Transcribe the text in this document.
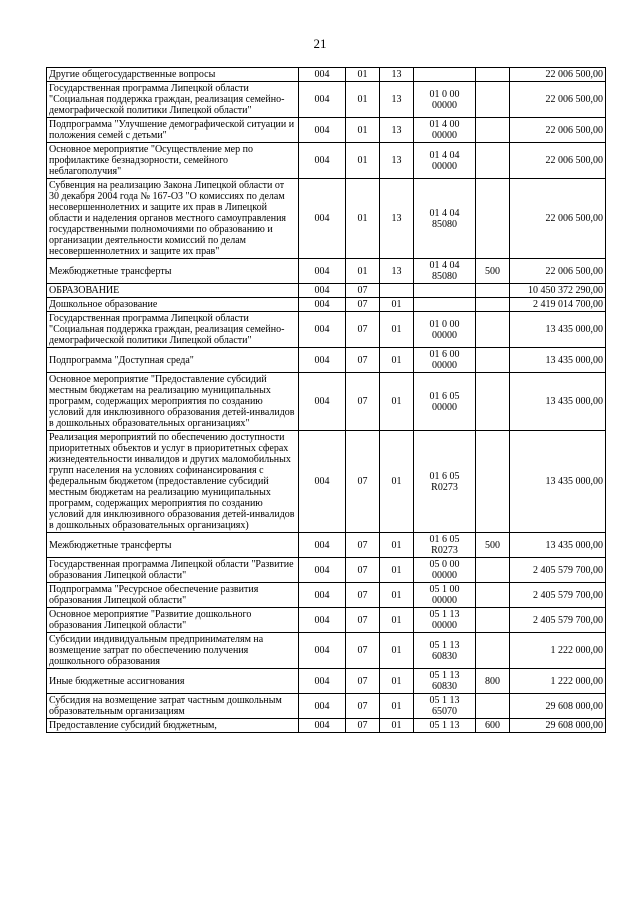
21
Другие общегосударственные вопросы	004	01	13			22 006 500,00
Государственная программа Липецкой области "Социальная поддержка граждан, реализация семейно-демографической политики Липецкой области"	004	01	13	01 0 00 00000		22 006 500,00
Подпрограмма "Улучшение демографической ситуации и положения семей с детьми"	004	01	13	01 4 00 00000		22 006 500,00
Основное мероприятие "Осуществление мер по профилактике безнадзорности, семейного неблагополучия"	004	01	13	01 4 04 00000		22 006 500,00
Субвенция на реализацию Закона Липецкой области от 30 декабря 2004 года № 167-ОЗ "О комиссиях по делам несовершеннолетних и защите их прав в Липецкой области и наделения органов местного самоуправления государственными полномочиями по образованию и организации деятельности комиссий по делам несовершеннолетних и защите их прав"	004	01	13	01 4 04 85080		22 006 500,00
Межбюджетные трансферты	004	01	13	01 4 04 85080	500	22 006 500,00
ОБРАЗОВАНИЕ	004	07				10 450 372 290,00
Дошкольное образование	004	07	01			2 419 014 700,00
Государственная программа Липецкой области "Социальная поддержка граждан, реализация семейно-демографической политики Липецкой области"	004	07	01	01 0 00 00000		13 435 000,00
Подпрограмма "Доступная среда"	004	07	01	01 6 00 00000		13 435 000,00
Основное мероприятие "Предоставление субсидий местным бюджетам на реализацию муниципальных программ, содержащих мероприятия по созданию условий для инклюзивного образования детей-инвалидов в дошкольных образовательных организациях"	004	07	01	01 6 05 00000		13 435 000,00
Реализация мероприятий по обеспечению доступности приоритетных объектов и услуг в приоритетных сферах жизнедеятельности инвалидов и других маломобильных групп населения на условиях софинансирования с федеральным бюджетом (предоставление субсидий местным бюджетам на реализацию муниципальных программ, содержащих мероприятия по созданию условий для инклюзивного образования детей-инвалидов в дошкольных образовательных организациях)	004	07	01	01 6 05 R0273		13 435 000,00
Межбюджетные трансферты	004	07	01	01 6 05 R0273	500	13 435 000,00
Государственная программа Липецкой области "Развитие образования Липецкой области"	004	07	01	05 0 00 00000		2 405 579 700,00
Подпрограмма "Ресурсное обеспечение развития образования Липецкой области"	004	07	01	05 1 00 00000		2 405 579 700,00
Основное мероприятие "Развитие дошкольного образования Липецкой области"	004	07	01	05 1 13 00000		2 405 579 700,00
Субсидии индивидуальным предпринимателям на возмещение затрат по обеспечению получения дошкольного образования	004	07	01	05 1 13 60830		1 222 000,00
Иные бюджетные ассигнования	004	07	01	05 1 13 60830	800	1 222 000,00
Субсидия на возмещение затрат частным дошкольным образовательным организациям	004	07	01	05 1 13 65070		29 608 000,00
Предоставление субсидий бюджетным,	004	07	01	05 1 13	600	29 608 000,00
